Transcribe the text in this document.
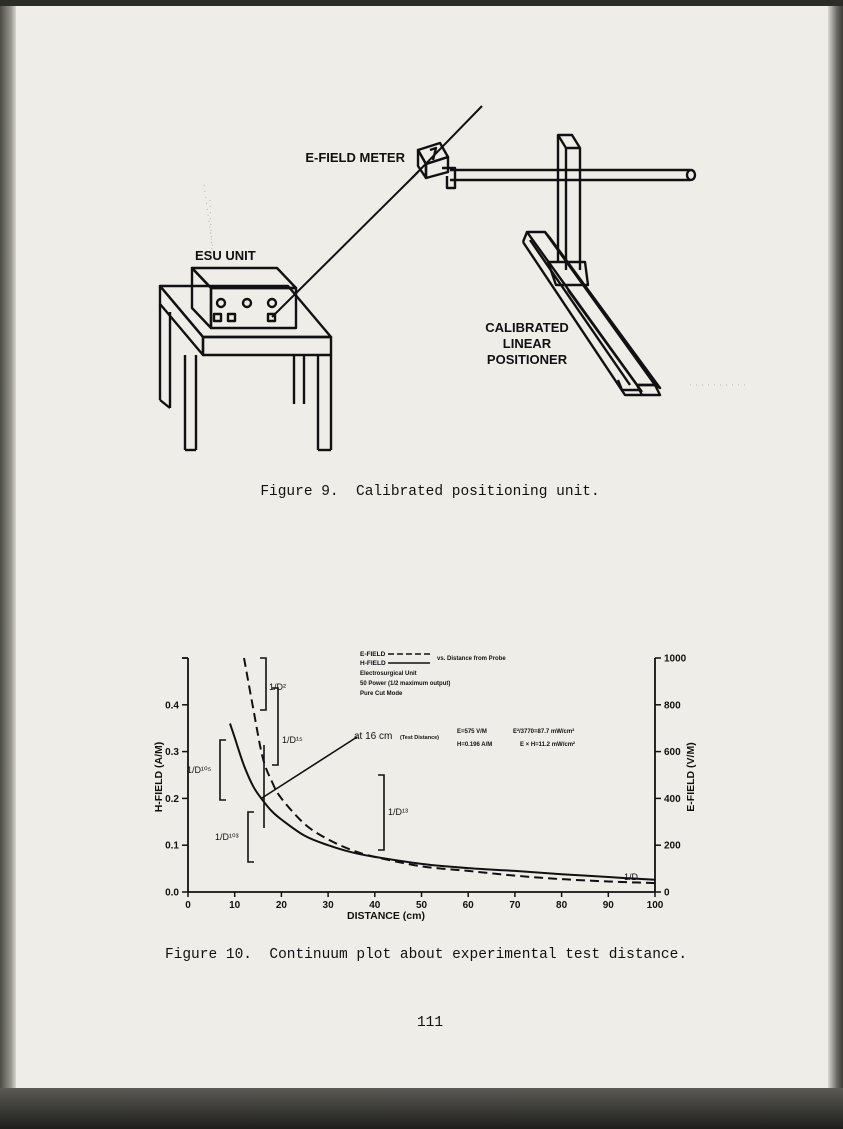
E-FIELD METER
ESU UNIT
CALIBRATED
LINEAR
POSITIONER
Figure 9.  Calibrated positioning unit.
0	10	20	30	40	50	60	70	80	90	100
0.0
0.1
0.2
0.3
0.4
0
200
400
600
800
1000
DISTANCE (cm)
H-FIELD (A/M)	E-FIELD (V/M)
E-FIELD
vs. Distance from Probe
H-FIELD
Electrosurgical Unit
50 Power (1/2 maximum output)
Pure Cut Mode
at 16 cm (Test Distance)
E=575 V/M	E²/3770=87.7 mW/cm²
H=0.196 A/M	E × H=11.2 mW/cm²
1/D²
1/D¹⁵
1/D¹⁰⁵
1/D¹⁰³
1/D¹³
1/D
Figure 10.  Continuum plot about experimental test distance.
111
